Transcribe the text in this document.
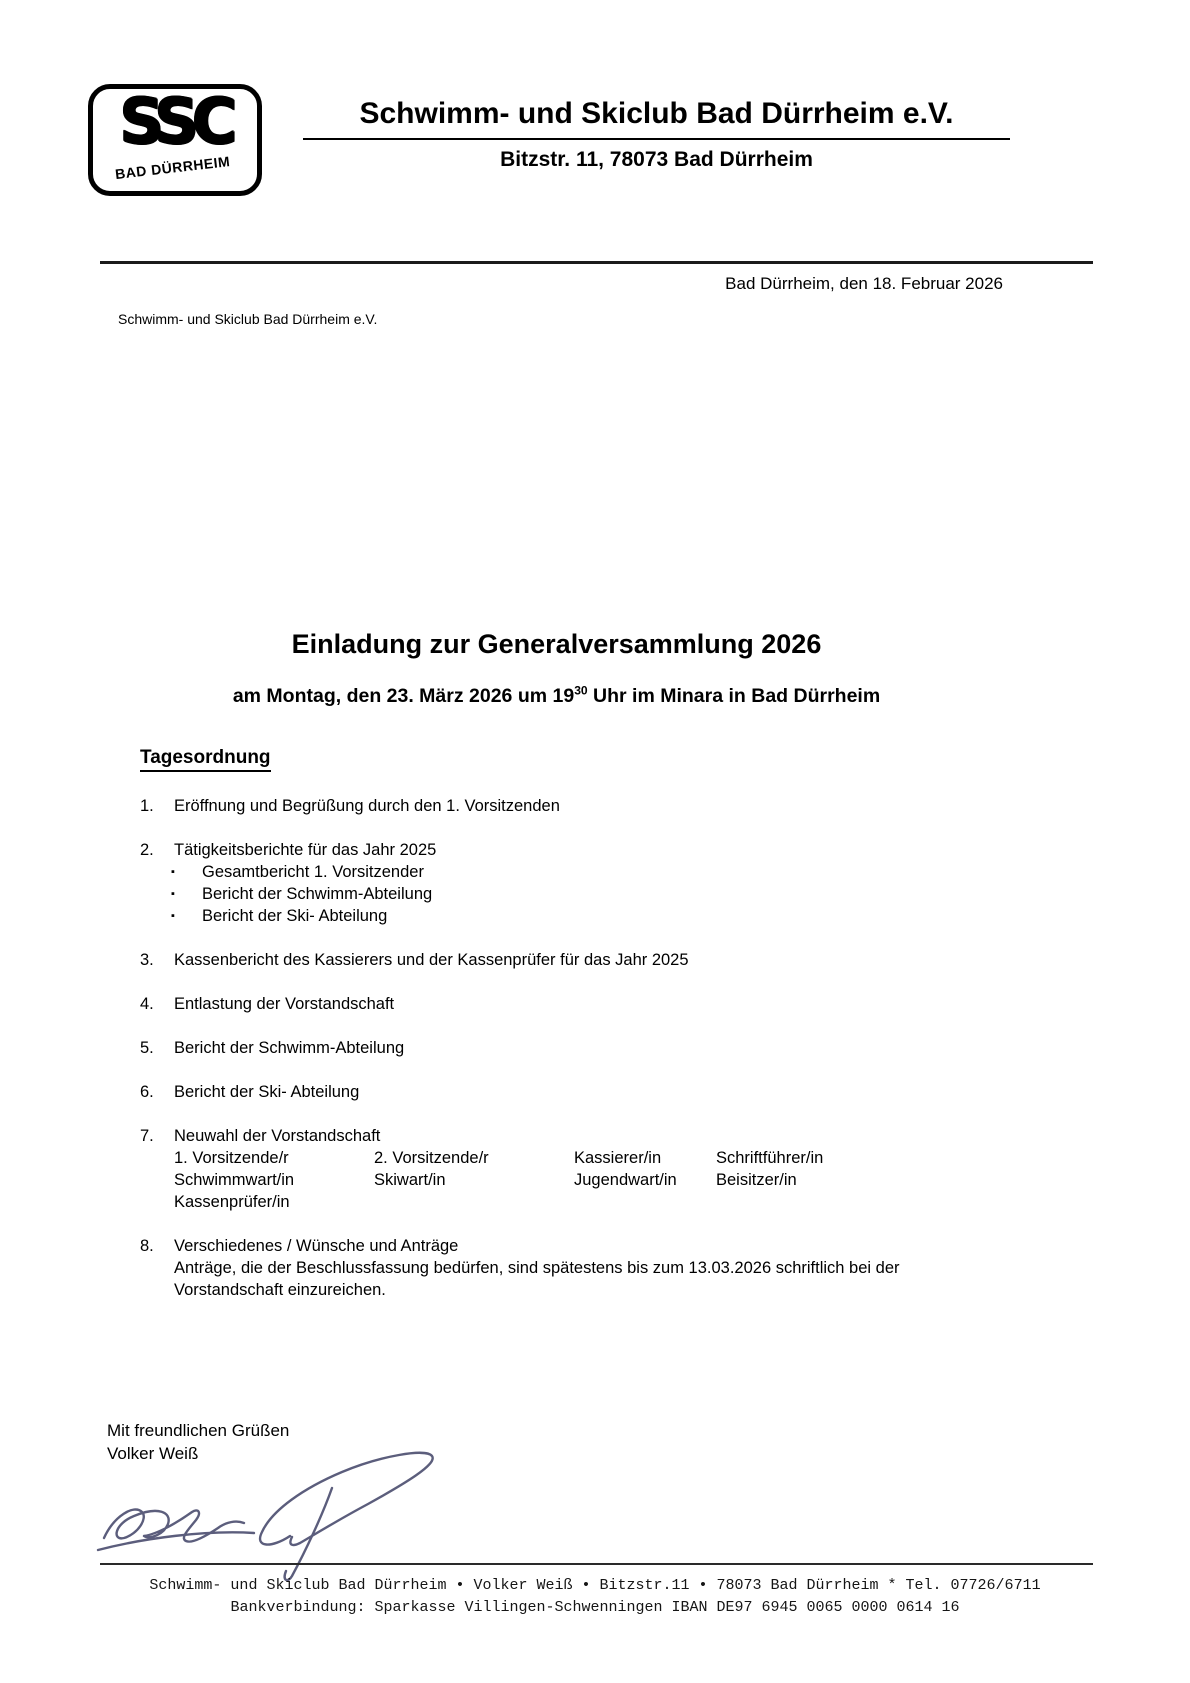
SSC
BAD DÜRRHEIM
Schwimm- und Skiclub Bad Dürrheim e.V.
Bitzstr. 11, 78073 Bad Dürrheim
Bad Dürrheim, den 18. Februar 2026
Schwimm- und Skiclub Bad Dürrheim e.V.
Einladung zur Generalversammlung 2026
am Montag, den 23. März 2026 um $19^{30}$ Uhr im Minara in Bad Dürrheim
Tagesordnung
1.	Eröffnung und Begrüßung durch den 1. Vorsitzenden
2.	Tätigkeitsberichte für das Jahr 2025
▪ Gesamtbericht 1. Vorsitzender
▪ Bericht der Schwimm-Abteilung
▪ Bericht der Ski- Abteilung
3.	Kassenbericht des Kassierers und der Kassenprüfer für das Jahr 2025
4.	Entlastung der Vorstandschaft
5.	Bericht der Schwimm-Abteilung
6.	Bericht der Ski- Abteilung
7.	Neuwahl der Vorstandschaft
1. Vorsitzende/r	2. Vorsitzende/r	Kassierer/in	Schriftführer/in
Schwimmwart/in	Skiwart/in	Jugendwart/in	Beisitzer/in
Kassenprüfer/in
8.	Verschiedenes / Wünsche und Anträge
Anträge, die der Beschlussfassung bedürfen, sind spätestens bis zum 13.03.2026 schriftlich bei der Vorstandschaft einzureichen.
Mit freundlichen Grüßen
Volker Weiß
Schwimm- und Skiclub Bad Dürrheim • Volker Weiß • Bitzstr.11 • 78073 Bad Dürrheim * Tel. 07726/6711
Bankverbindung: Sparkasse Villingen-Schwenningen IBAN DE97 6945 0065 0000 0614 16
